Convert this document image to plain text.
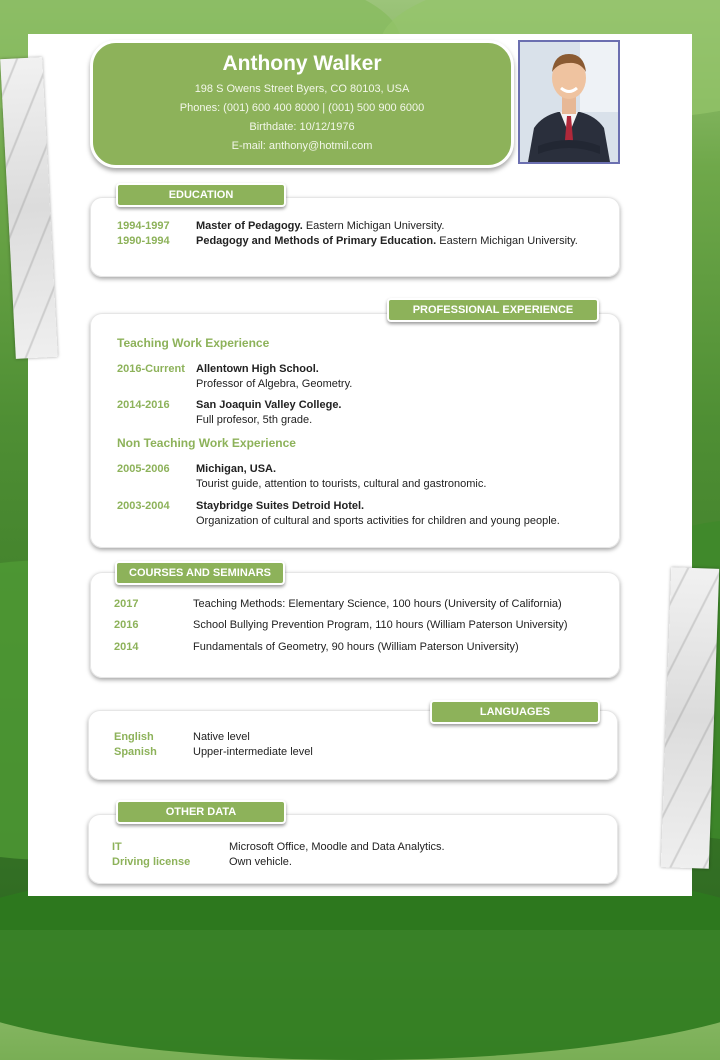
Anthony Walker
198 S Owens Street Byers, CO 80103, USA
Phones: (001) 600 400 8000 | (001) 500 900 6000
Birthdate: 10/12/1976
E-mail: anthony@hotmil.com
EDUCATION
1994-1997 Master of Pedagogy. Eastern Michigan University.
1990-1994 Pedagogy and Methods of Primary Education. Eastern Michigan University.
PROFESSIONAL EXPERIENCE
Teaching Work Experience
2016-Current Allentown High School.
Professor of Algebra, Geometry.
2014-2016 San Joaquin Valley College.
Full profesor, 5th grade.
Non Teaching Work Experience
2005-2006 Michigan, USA.
Tourist guide, attention to tourists, cultural and gastronomic.
2003-2004 Staybridge Suites Detroid Hotel.
Organization of cultural and sports activities for children and young people.
COURSES AND SEMINARS
2017	Teaching Methods: Elementary Science, 100 hours (University of California)
2016	School Bullying Prevention Program, 110 hours (William Paterson University)
2014	Fundamentals of Geometry, 90 hours (William Paterson University)
LANGUAGES
English	Native level
Spanish	Upper-intermediate level
OTHER DATA
IT	Microsoft Office, Moodle and Data Analytics.
Driving license	Own vehicle.
